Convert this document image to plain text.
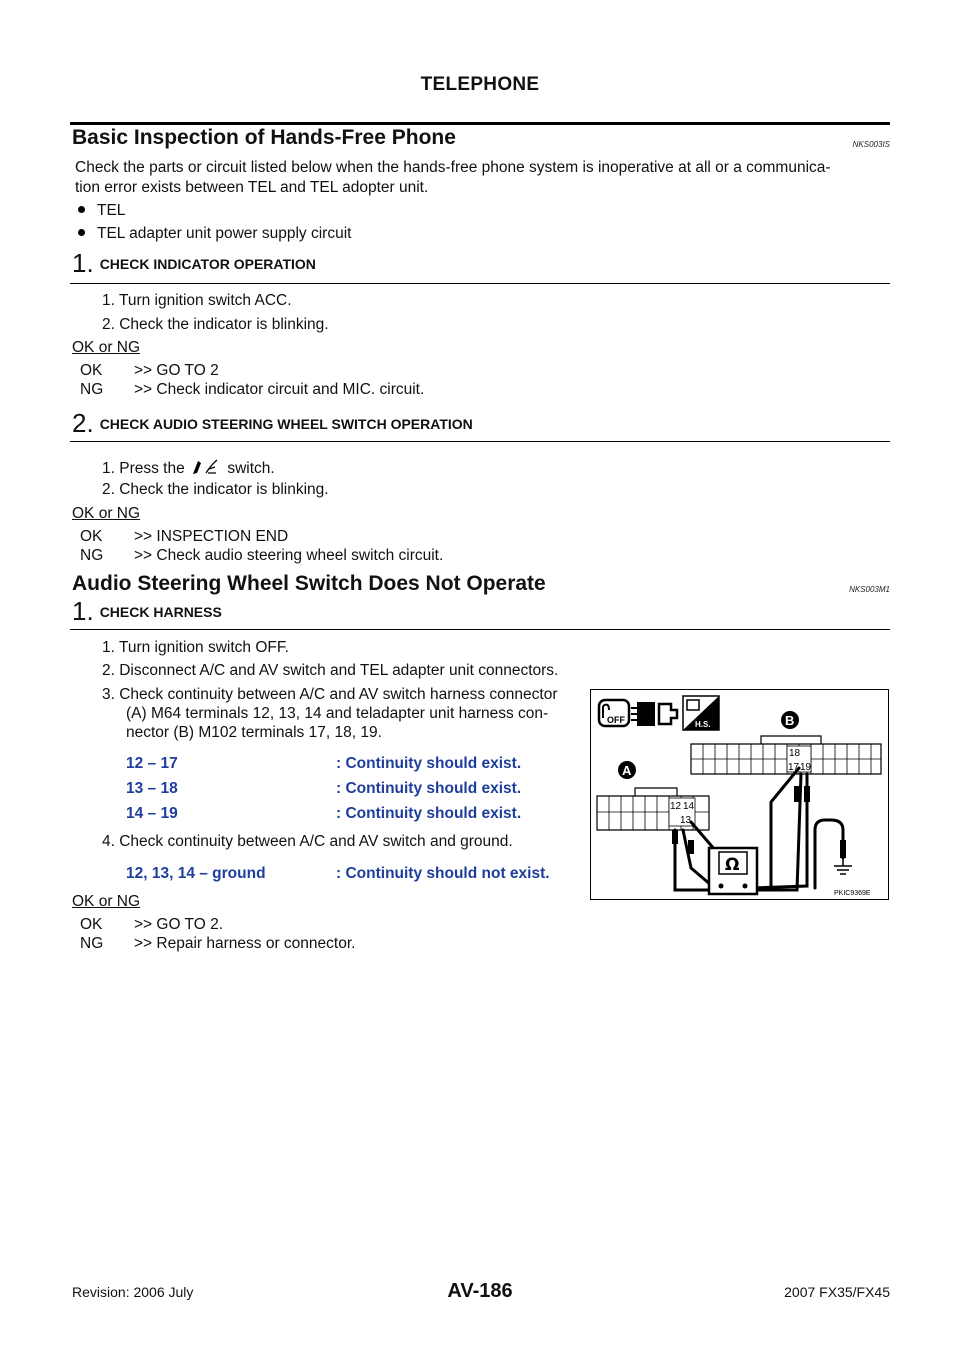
TELEPHONE
Basic Inspection of Hands-Free Phone	NKS003IS
Check the parts or circuit listed below when the hands-free phone system is inoperative at all or a communica-
tion error exists between TEL and TEL adopter unit.
TEL
TEL adapter unit power supply circuit
1. CHECK INDICATOR OPERATION
1. Turn ignition switch ACC.
2. Check the indicator is blinking.
OK or NG
OK >> GO TO 2
NG >> Check indicator circuit and MIC. circuit.
2. CHECK AUDIO STEERING WHEEL SWITCH OPERATION
1. Press the	switch.
2. Check the indicator is blinking.
OK or NG
OK >> INSPECTION END
NG >> Check audio steering wheel switch circuit.
Audio Steering Wheel Switch Does Not Operate	NKS003M1
1. CHECK HARNESS
1. Turn ignition switch OFF.
2. Disconnect A/C and AV switch and TEL adapter unit connectors.
3. Check continuity between A/C and AV switch harness connector
(A) M64 terminals 12, 13, 14 and teladapter unit harness con-
nector (B) M102 terminals 17, 18, 19.
12 – 17	: Continuity should exist.
13 – 18	: Continuity should exist.
14 – 19	: Continuity should exist.
4. Check continuity between A/C and AV switch and ground.
12, 13, 14 – ground	: Continuity should not exist.
OK or NG
OK >> GO TO 2.
NG >> Repair harness or connector.
OFF	H.S.	B
18
17 19
A
12 14
13
Ω
PKIC9369E
Revision: 2006 July	AV-186	2007 FX35/FX45
